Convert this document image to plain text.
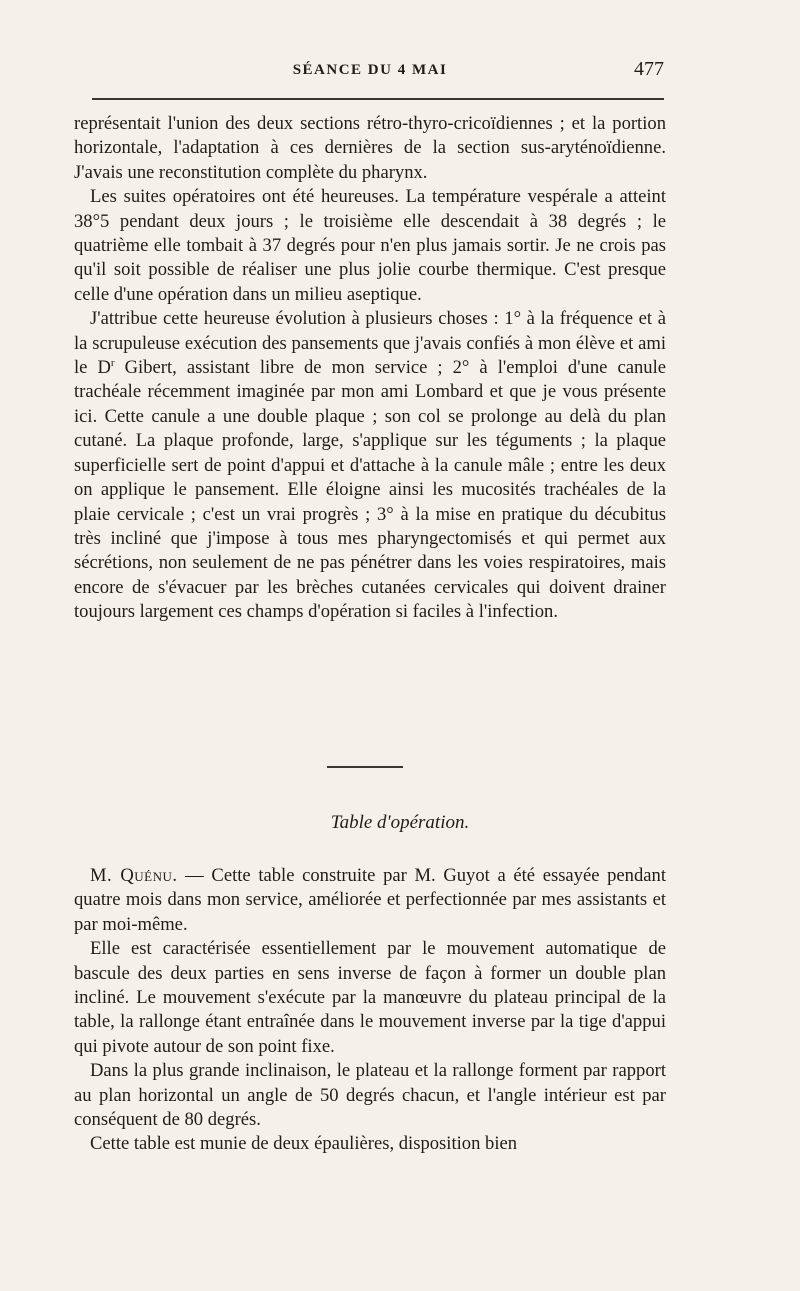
SÉANCE DU 4 MAI	477

représentait l'union des deux sections rétro-thyro-cricoïdiennes ; et la portion horizontale, l'adaptation à ces dernières de la section sus-aryténoïdienne. J'avais une reconstitution complète du pharynx.

Les suites opératoires ont été heureuses. La température vespérale a atteint 38°5 pendant deux jours ; le troisième elle descendait à 38 degrés ; le quatrième elle tombait à 37 degrés pour n'en plus jamais sortir. Je ne crois pas qu'il soit possible de réaliser une plus jolie courbe thermique. C'est presque celle d'une opération dans un milieu aseptique.

J'attribue cette heureuse évolution à plusieurs choses : 1° à la fréquence et à la scrupuleuse exécution des pansements que j'avais confiés à mon élève et ami le $D^r$ Gibert, assistant libre de mon service ; 2° à l'emploi d'une canule trachéale récemment imaginée par mon ami Lombard et que je vous présente ici. Cette canule a une double plaque ; son col se prolonge au delà du plan cutané. La plaque profonde, large, s'applique sur les téguments ; la plaque superficielle sert de point d'appui et d'attache à la canule mâle ; entre les deux on applique le pansement. Elle éloigne ainsi les mucosités trachéales de la plaie cervicale ; c'est un vrai progrès ; 3° à la mise en pratique du décubitus très incliné que j'impose à tous mes pharyngectomisés et qui permet aux sécrétions, non seulement de ne pas pénétrer dans les voies respiratoires, mais encore de s'évacuer par les brèches cutanées cervicales qui doivent drainer toujours largement ces champs d'opération si faciles à l'infection.

Table d'opération.

M. Quénu. — Cette table construite par M. Guyot a été essayée pendant quatre mois dans mon service, améliorée et perfectionnée par mes assistants et par moi-même.

Elle est caractérisée essentiellement par le mouvement automatique de bascule des deux parties en sens inverse de façon à former un double plan incliné. Le mouvement s'exécute par la manœuvre du plateau principal de la table, la rallonge étant entraînée dans le mouvement inverse par la tige d'appui qui pivote autour de son point fixe.

Dans la plus grande inclinaison, le plateau et la rallonge forment par rapport au plan horizontal un angle de 50 degrés chacun, et l'angle intérieur est par conséquent de 80 degrés.

Cette table est munie de deux épaulières, disposition bien
